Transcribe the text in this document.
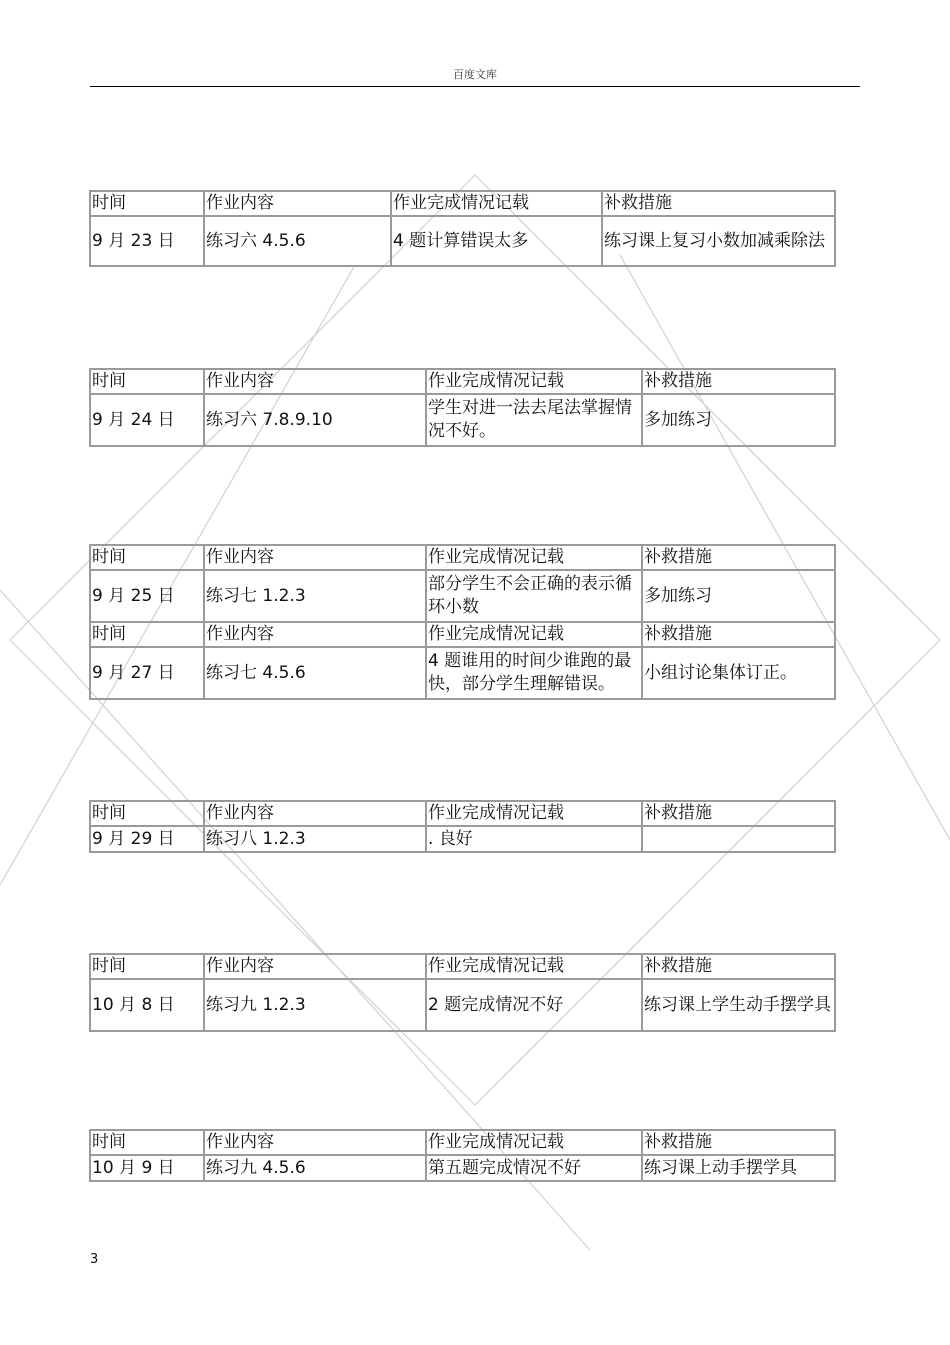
百度文库
时间	作业内容	作业完成情况记载	补救措施
9 月 23 日	练习六 4.5.6	4 题计算错误太多	练习课上复习小数加减乘除法
时间	作业内容	作业完成情况记载	补救措施
9 月 24 日	练习六 7.8.9.10	学生对进一法去尾法掌握情况不好。	多加练习
时间	作业内容	作业完成情况记载	补救措施
9 月 25 日	练习七 1.2.3	部分学生不会正确的表示循环小数	多加练习
时间	作业内容	作业完成情况记载	补救措施
9 月 27 日	练习七 4.5.6	4 题谁用的时间少谁跑的最快，部分学生理解错误。	小组讨论集体订正。
时间	作业内容	作业完成情况记载	补救措施
9 月 29 日	练习八 1.2.3	. 良好	
时间	作业内容	作业完成情况记载	补救措施
10 月 8 日	练习九 1.2.3	2 题完成情况不好	练习课上学生动手摆学具
时间	作业内容	作业完成情况记载	补救措施
10 月 9 日	练习九 4.5.6	第五题完成情况不好	练习课上动手摆学具
3
